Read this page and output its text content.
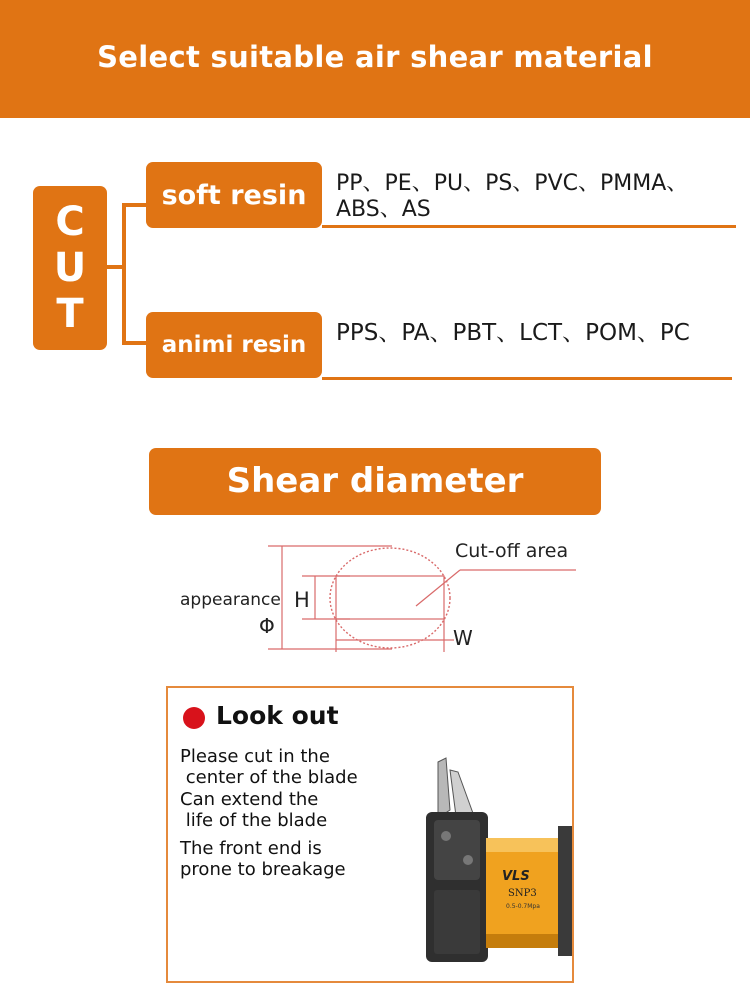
Select suitable air shear material
C
U
T
soft resin PP、PE、PU、PS、PVC、PMMA、ABS、AS
animi resin PPS、PA、PBT、LCT、POM、PC
Shear diameter
Cut-off area
appearance
Φ
H
W
Look out
Please cut in the
center of the blade
Can extend the
life of the blade
The front end is
prone to breakage	VLS
SNP3
0.5-0.7Mpa
